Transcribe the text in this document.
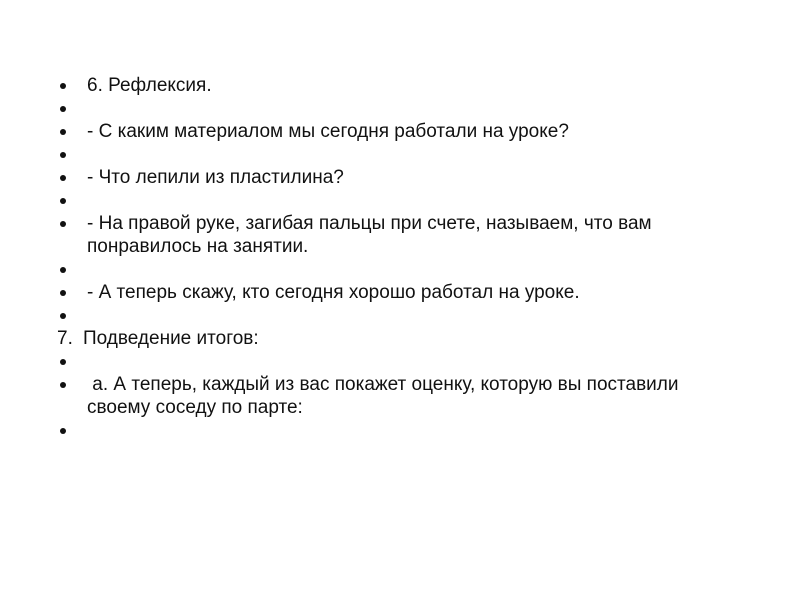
6. Рефлексия.
- С каким материалом мы сегодня работали на уроке?
- Что лепили из пластилина?
- На правой руке, загибая пальцы при счете, называем, что вам понравилось на занятии.
- А теперь скажу, кто сегодня хорошо работал на уроке.
7. Подведение итогов:
а. А теперь, каждый из вас покажет оценку, которую вы поставили своему соседу по парте:
